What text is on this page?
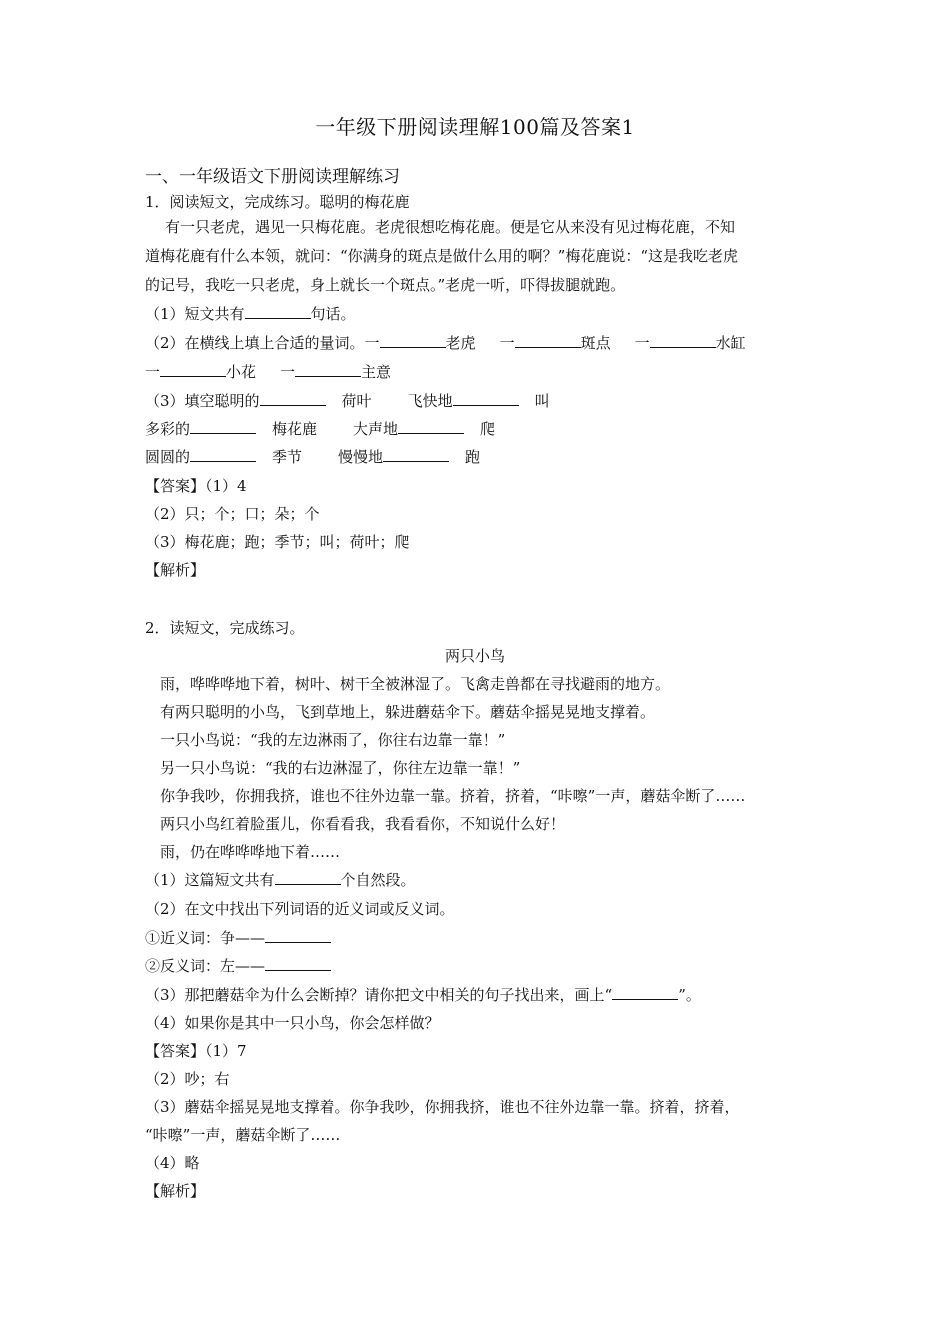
一年级下册阅读理解100篇及答案1
一、一年级语文下册阅读理解练习
1．阅读短文，完成练习。聪明的梅花鹿
有一只老虎，遇见一只梅花鹿。老虎很想吃梅花鹿。便是它从来没有见过梅花鹿，不知
道梅花鹿有什么本领，就问：“你满身的斑点是做什么用的啊？”梅花鹿说：“这是我吃老虎
的记号，我吃一只老虎，身上就长一个斑点。”老虎一听，吓得拔腿就跑。
（1）短文共有	句话。
（2）在横线上填上合适的量词。一	老虎 一	斑点 一	水缸
一	小花 一	主意
（3）填空聪明的	荷叶 飞快地	叫
多彩的	梅花鹿 大声地	爬
圆圆的	季节 慢慢地	跑
【答案】（1）4
（2）只；个；口；朵；个
（3）梅花鹿；跑；季节；叫；荷叶；爬
【解析】
2．读短文，完成练习。
两只小鸟
雨，哗哗哗地下着，树叶、树干全被淋湿了。飞禽走兽都在寻找避雨的地方。
有两只聪明的小鸟，飞到草地上，躲进蘑菇伞下。蘑菇伞摇晃晃地支撑着。
一只小鸟说：“我的左边淋雨了，你往右边靠一靠！”
另一只小鸟说：“我的右边淋湿了，你往左边靠一靠！”
你争我吵，你拥我挤，谁也不往外边靠一靠。挤着，挤着，“咔嚓”一声，蘑菇伞断了……
两只小鸟红着脸蛋儿，你看看我，我看看你，不知说什么好！
雨，仍在哗哗哗地下着……
（1）这篇短文共有	个自然段。
（2）在文中找出下列词语的近义词或反义词。
①近义词：争——
②反义词：左——
（3）那把蘑菇伞为什么会断掉？请你把文中相关的句子找出来，画上“	”。
（4）如果你是其中一只小鸟，你会怎样做？
【答案】（1）7
（2）吵；右
（3）蘑菇伞摇晃晃地支撑着。你争我吵，你拥我挤，谁也不往外边靠一靠。挤着，挤着，
“咔嚓”一声，蘑菇伞断了……
（4）略
【解析】
